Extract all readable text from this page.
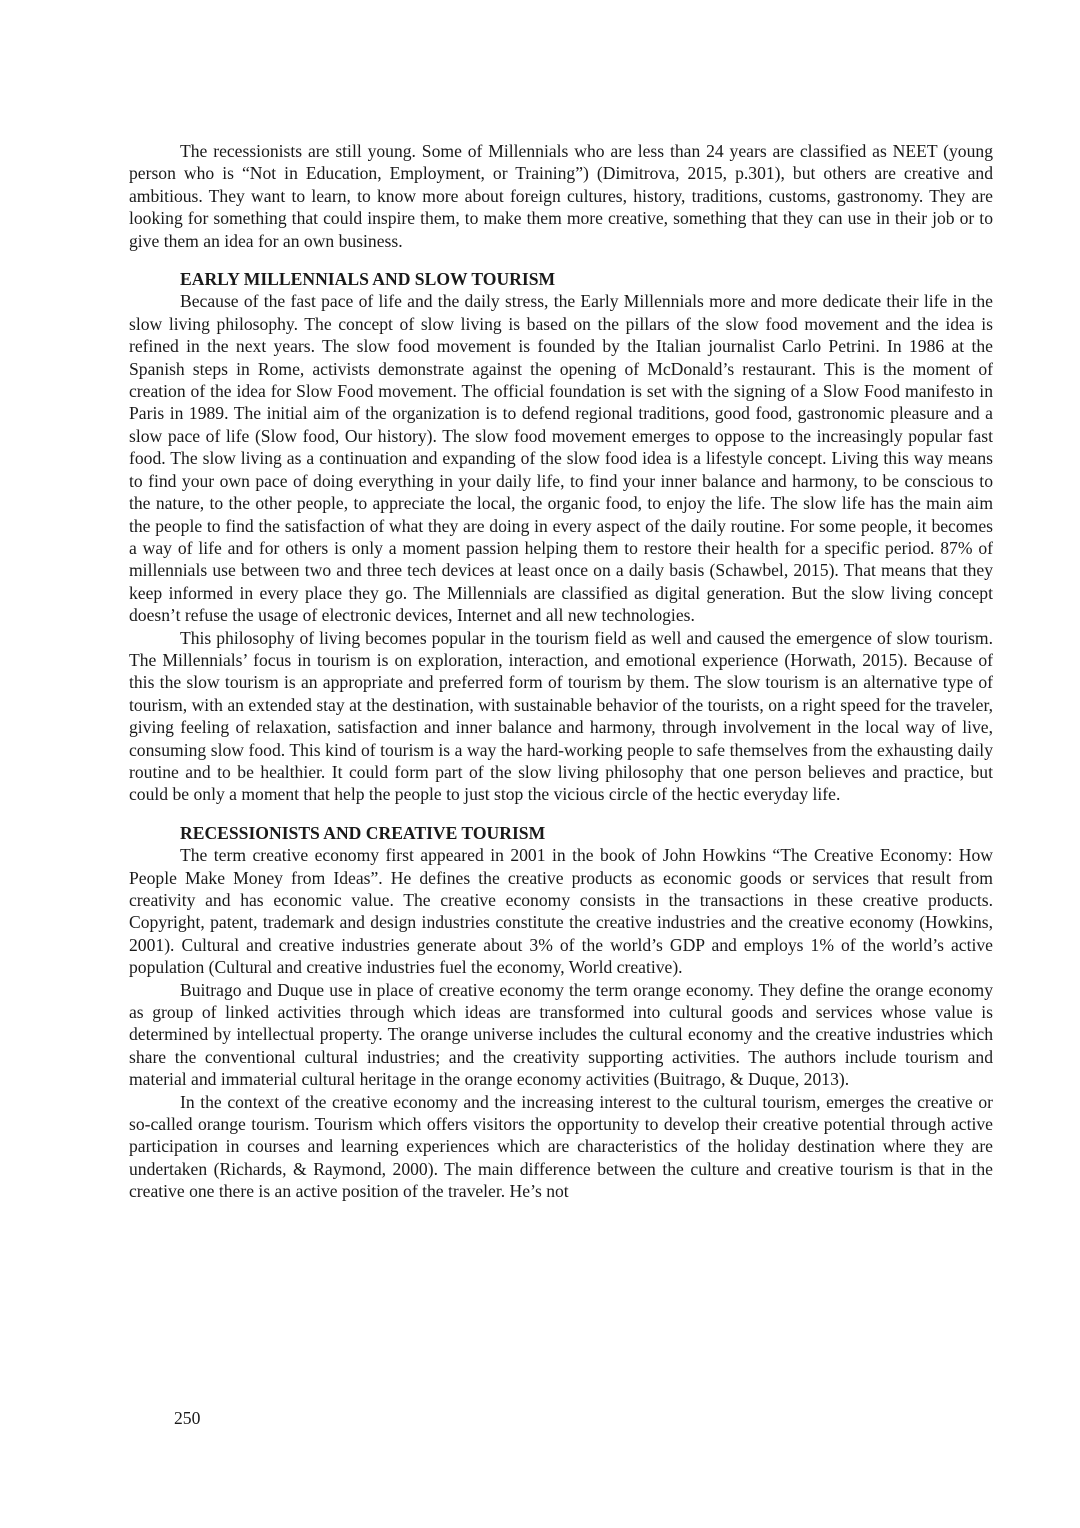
The recessionists are still young. Some of Millennials who are less than 24 years are classified as NEET (young person who is “Not in Education, Employment, or Training”) (Dimitrova, 2015, p.301), but others are creative and ambitious. They want to learn, to know more about foreign cultures, history, traditions, customs, gastronomy. They are looking for something that could inspire them, to make them more creative, something that they can use in their job or to give them an idea for an own business.

EARLY MILLENNIALS AND SLOW TOURISM

Because of the fast pace of life and the daily stress, the Early Millennials more and more dedicate their life in the slow living philosophy. The concept of slow living is based on the pillars of the slow food movement and the idea is refined in the next years. The slow food movement is founded by the Italian journalist Carlo Petrini. In 1986 at the Spanish steps in Rome, activists demonstrate against the opening of McDonald’s restaurant. This is the moment of creation of the idea for Slow Food movement. The official foundation is set with the signing of a Slow Food manifesto in Paris in 1989. The initial aim of the organization is to defend regional traditions, good food, gastronomic pleasure and a slow pace of life (Slow food, Our history). The slow food movement emerges to oppose to the increasingly popular fast food. The slow living as a continuation and expanding of the slow food idea is a lifestyle concept. Living this way means to find your own pace of doing everything in your daily life, to find your inner balance and harmony, to be conscious to the nature, to the other people, to appreciate the local, the organic food, to enjoy the life. The slow life has the main aim the people to find the satisfaction of what they are doing in every aspect of the daily routine. For some people, it becomes a way of life and for others is only a moment passion helping them to restore their health for a specific period. 87% of millennials use between two and three tech devices at least once on a daily basis (Schawbel, 2015). That means that they keep informed in every place they go. The Millennials are classified as digital generation. But the slow living concept doesn’t refuse the usage of electronic devices, Internet and all new technologies.

This philosophy of living becomes popular in the tourism field as well and caused the emergence of slow tourism. The Millennials’ focus in tourism is on exploration, interaction, and emotional experience (Horwath, 2015). Because of this the slow tourism is an appropriate and preferred form of tourism by them. The slow tourism is an alternative type of tourism, with an extended stay at the destination, with sustainable behavior of the tourists, on a right speed for the traveler, giving feeling of relaxation, satisfaction and inner balance and harmony, through involvement in the local way of live, consuming slow food. This kind of tourism is a way the hard-working people to safe themselves from the exhausting daily routine and to be healthier. It could form part of the slow living philosophy that one person believes and practice, but could be only a moment that help the people to just stop the vicious circle of the hectic everyday life.

RECESSIONISTS AND CREATIVE TOURISM

The term creative economy first appeared in 2001 in the book of John Howkins “The Creative Economy: How People Make Money from Ideas”. He defines the creative products as economic goods or services that result from creativity and has economic value. The creative economy consists in the transactions in these creative products. Copyright, patent, trademark and design industries constitute the creative industries and the creative economy (Howkins, 2001). Cultural and creative industries generate about 3% of the world’s GDP and employs 1% of the world’s active population (Cultural and creative industries fuel the economy, World creative).

Buitrago and Duque use in place of creative economy the term orange economy. They define the orange economy as group of linked activities through which ideas are transformed into cultural goods and services whose value is determined by intellectual property. The orange universe includes the cultural economy and the creative industries which share the conventional cultural industries; and the creativity supporting activities. The authors include tourism and material and immaterial cultural heritage in the orange economy activities (Buitrago, & Duque, 2013).

In the context of the creative economy and the increasing interest to the cultural tourism, emerges the creative or so-called orange tourism. Tourism which offers visitors the opportunity to develop their creative potential through active participation in courses and learning experiences which are characteristics of the holiday destination where they are undertaken (Richards, & Raymond, 2000). The main difference between the culture and creative tourism is that in the creative one there is an active position of the traveler. He’s not

250
